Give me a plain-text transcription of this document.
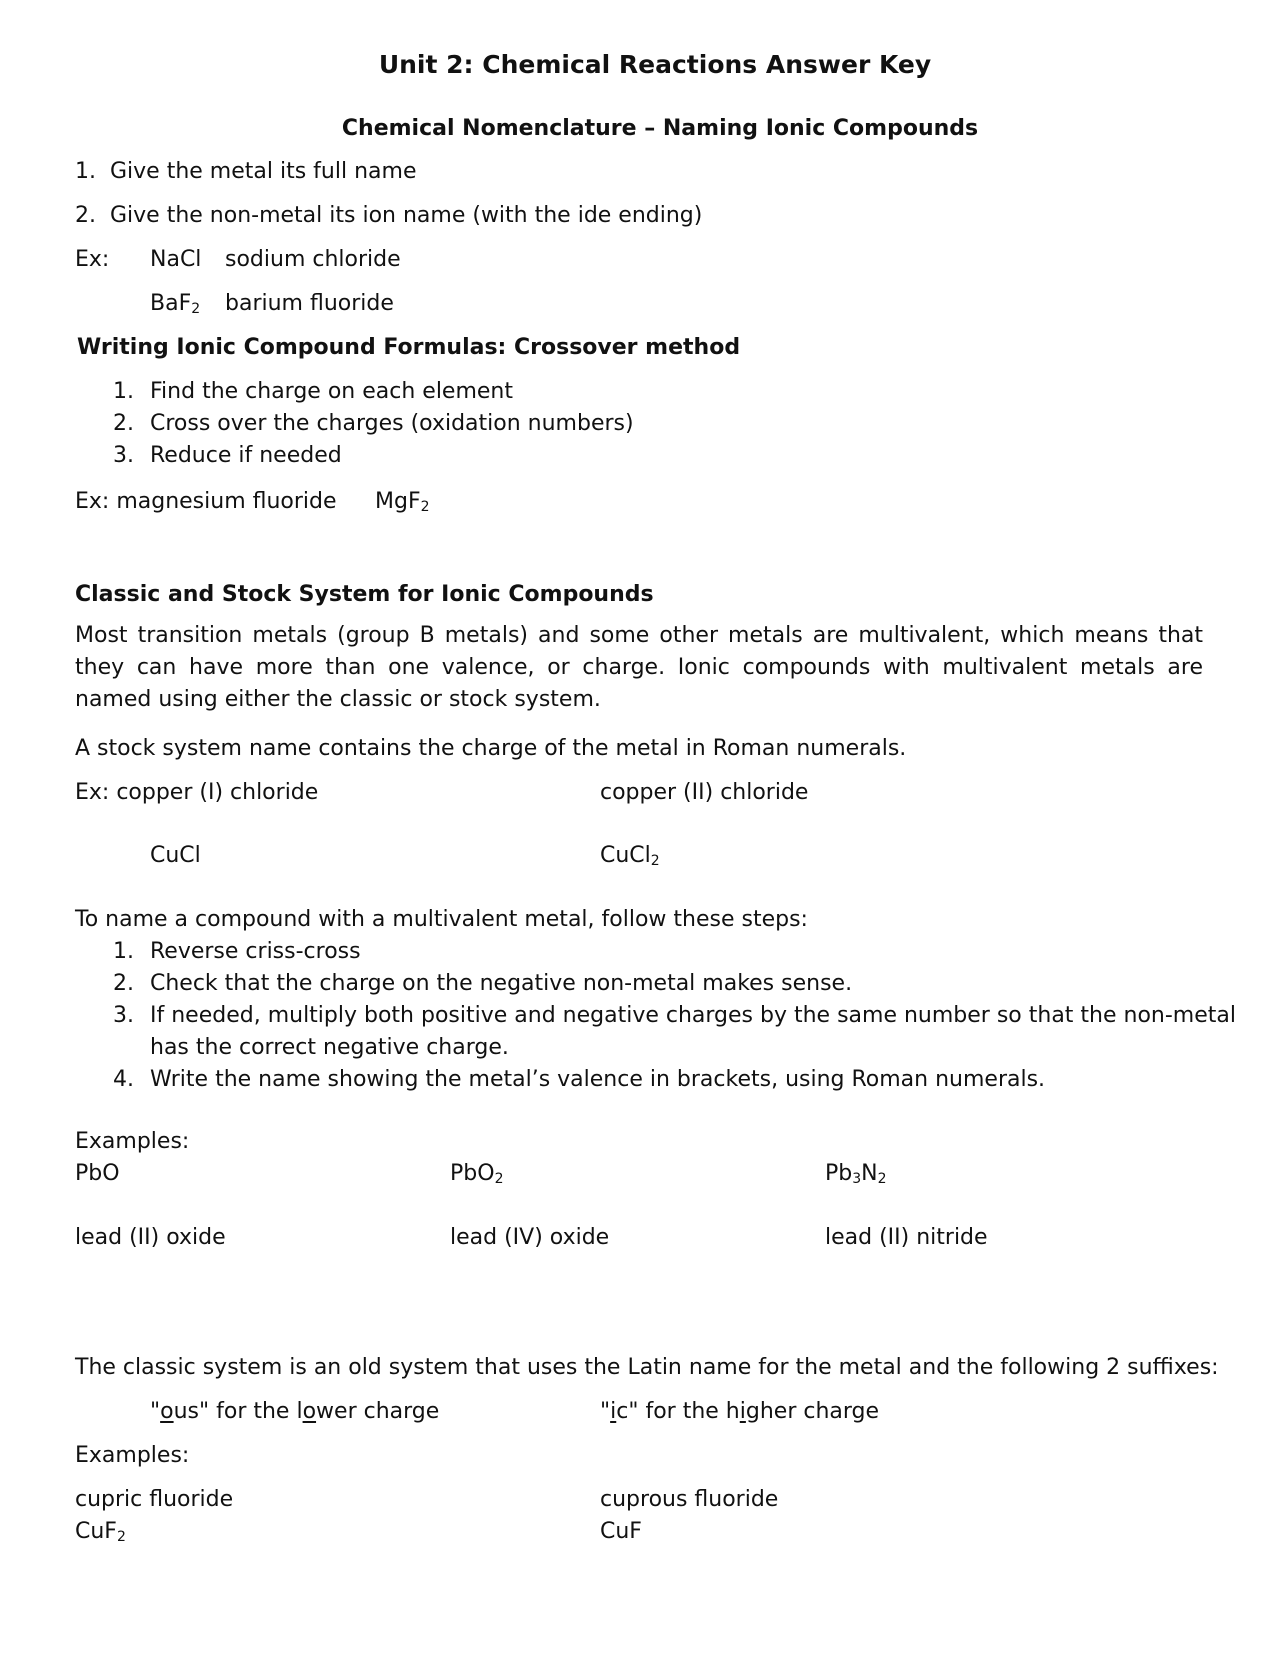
Unit 2: Chemical Reactions Answer Key
Chemical Nomenclature – Naming Ionic Compounds
1. Give the metal its full name
2. Give the non-metal its ion name (with the ide ending)
Ex: NaCl sodium chloride
BaF$_2$ barium fluoride
Writing Ionic Compound Formulas: Crossover method
1. Find the charge on each element
2. Cross over the charges (oxidation numbers)
3. Reduce if needed
Ex: magnesium fluoride MgF$_2$
Classic and Stock System for Ionic Compounds
Most transition metals (group B metals) and some other metals are multivalent, which means that they can have more than one valence, or charge. Ionic compounds with multivalent metals are named using either the classic or stock system.
A stock system name contains the charge of the metal in Roman numerals.
Ex: copper (I) chloride	copper (II) chloride
CuCl	CuCl$_2$
To name a compound with a multivalent metal, follow these steps:
1. Reverse criss-cross
2. Check that the charge on the negative non-metal makes sense.
3. If needed, multiply both positive and negative charges by the same number so that the non-metal
has the correct negative charge.
4. Write the name showing the metal’s valence in brackets, using Roman numerals.
Examples:
PbO	PbO$_2$	$Pb_3N_2$
lead (II) oxide	lead (IV) oxide	lead (II) nitride
The classic system is an old system that uses the Latin name for the metal and the following 2 suffixes:
"ous" for the lower charge	"ic" for the higher charge
Examples:
cupric fluoride	cuprous fluoride
CuF$_2$	CuF
